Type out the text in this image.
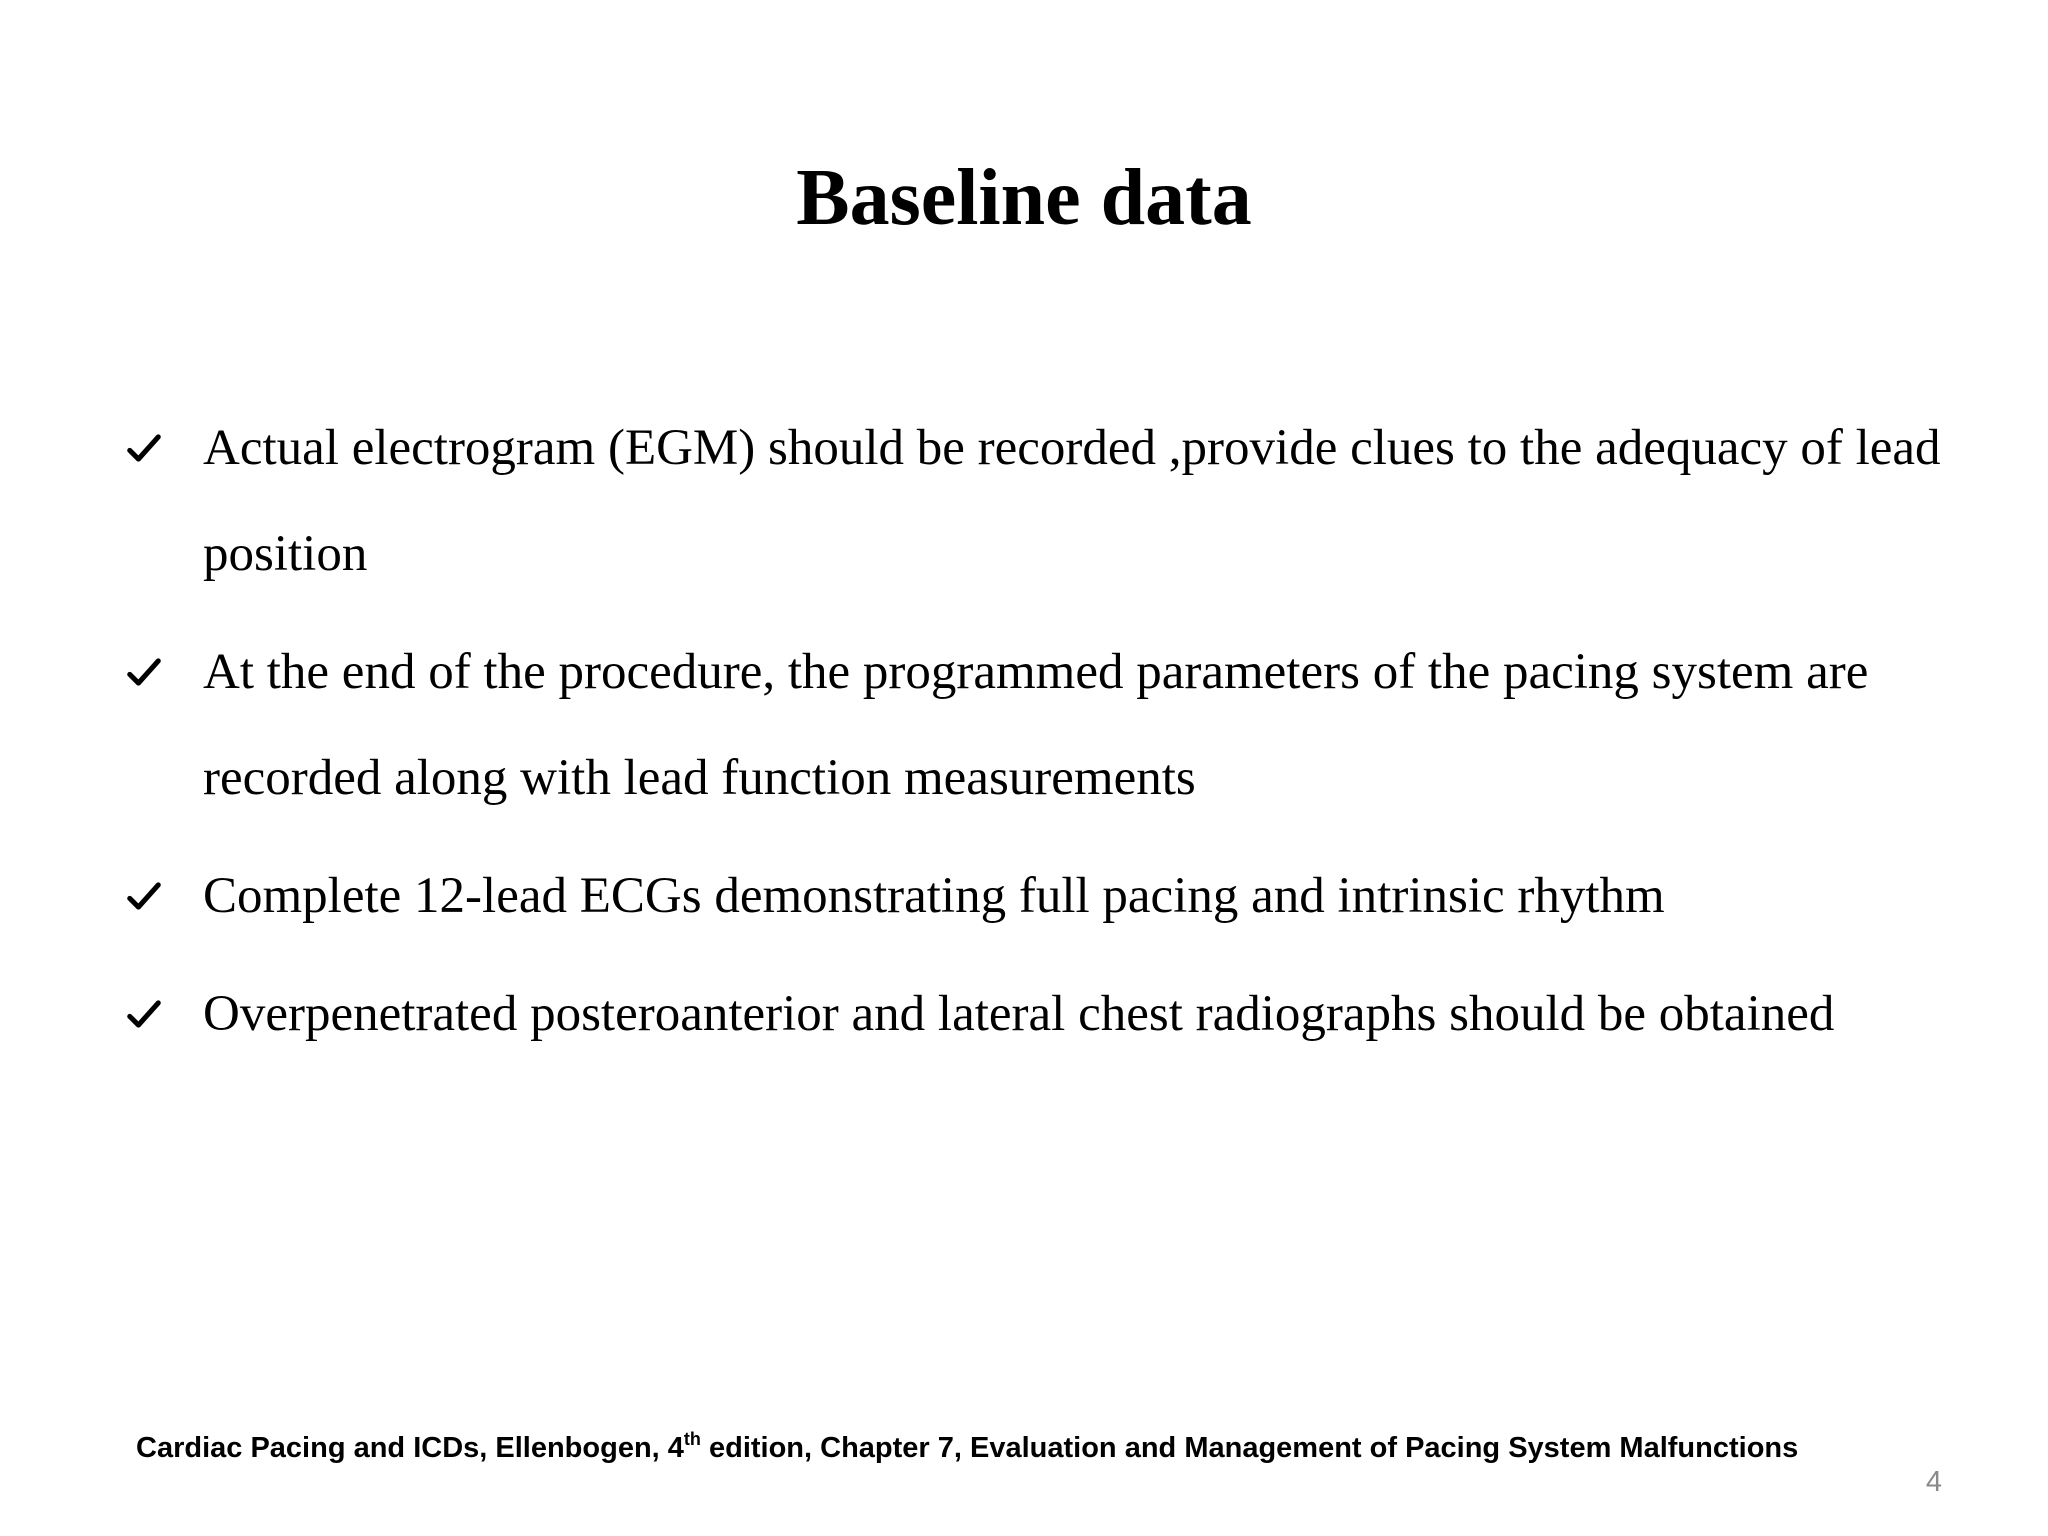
Baseline data
Actual electrogram (EGM) should be recorded ,provide clues to the adequacy of lead position
At the end of the procedure, the programmed parameters of the pacing system are recorded along with lead function measurements
Complete 12-lead ECGs demonstrating full pacing and intrinsic rhythm
Overpenetrated posteroanterior and lateral chest radiographs should be obtained
Cardiac Pacing and ICDs, Ellenbogen, 4th edition, Chapter 7, Evaluation and Management of Pacing System Malfunctions
4
